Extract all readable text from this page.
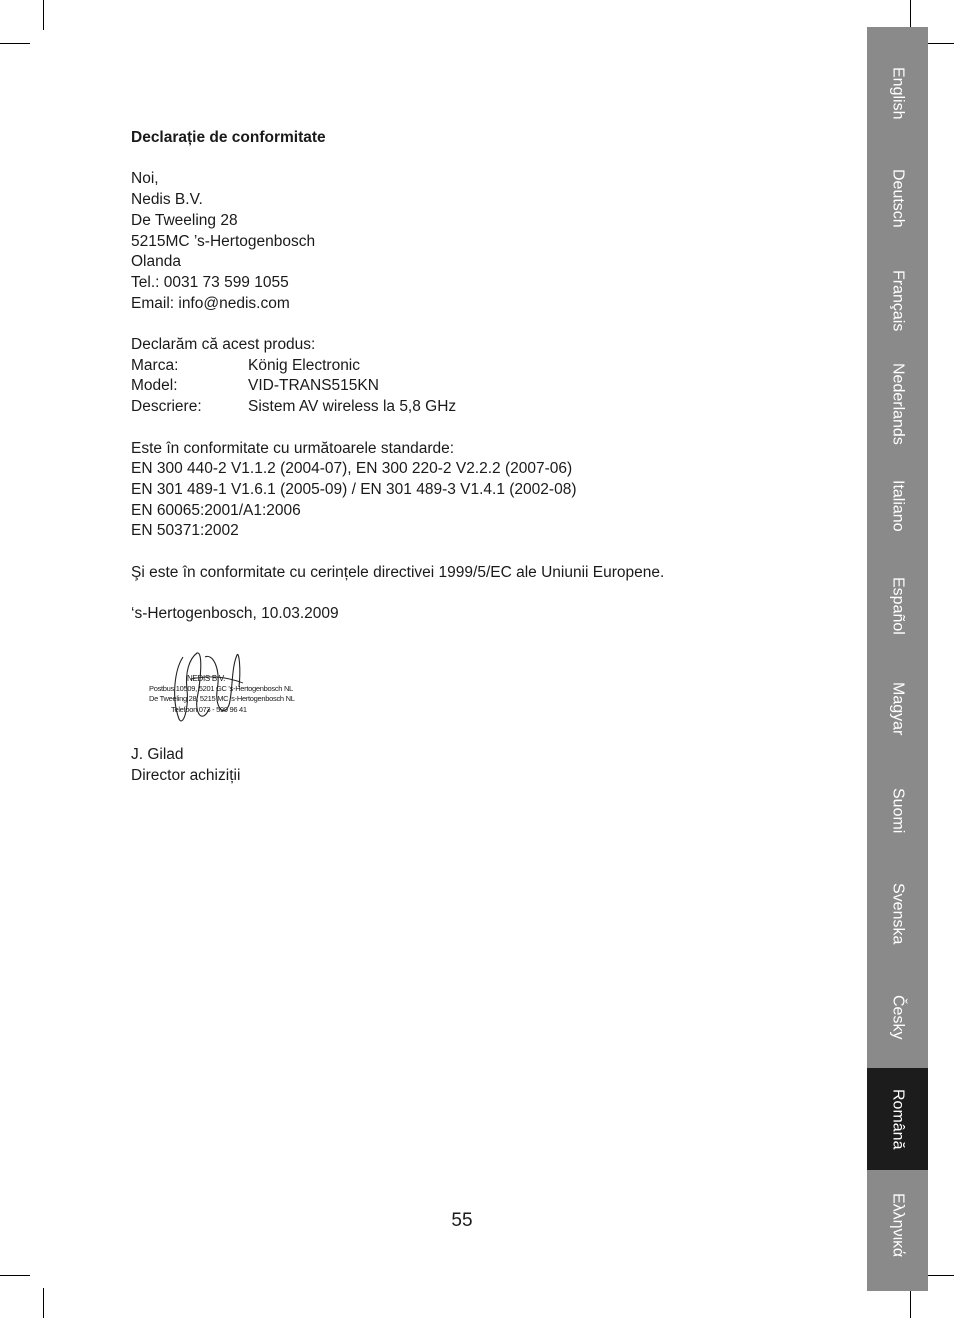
Declarație de conformitate

Noi,

Nedis B.V.

De Tweeling 28

5215MC ’s-Hertogenbosch

Olanda

Tel.: 0031 73 599 1055

Email: info@nedis.com

Declarăm că acest produs:

Marca:	König Electronic
Model:	VID-TRANS515KN
Descriere:	Sistem AV wireless la 5,8 GHz

Este în conformitate cu următoarele standarde:

EN 300 440-2 V1.1.2 (2004-07), EN 300 220-2 V2.2.2 (2007-06)

EN 301 489-1 V1.6.1 (2005-09) / EN 301 489-3 V1.4.1 (2002-08)

EN 60065:2001/A1:2006

EN 50371:2002

Şi este în conformitate cu cerințele directivei 1999/5/EC ale Uniunii Europene.

‘s-Hertogenbosch, 10.03.2009

NEDIS B.V.
Postbus 10509, 5201 GC 's-Hertogenbosch NL
De Tweeling 28, 5215 MC 's-Hertogenbosch NL
Telefoon 073 - 599 96 41

J. Gilad

Director achiziții

55
English
Deutsch
Français
Nederlands
Italiano
Español
Magyar
Suomi
Svenska
Česky
Română
Ελληνικά
